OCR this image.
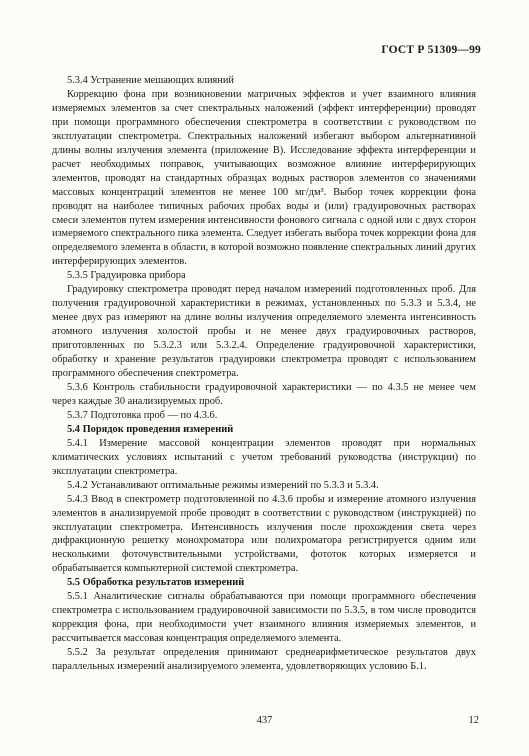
ГОСТ Р 51309—99

5.3.4 Устранение мешающих влияний

Коррекцию фона при возникновении матричных эффектов и учет взаимного влияния измеряемых элементов за счет спектральных наложений (эффект интерференции) проводят при помощи программного обеспечения спектрометра в соответствии с руководством по эксплуатации спектрометра. Спектральных наложений избегают выбором альтернативной длины волны излучения элемента (приложение В). Исследование эффекта интерференции и расчет необходимых поправок, учитывающих возможное влияние интерферирующих элементов, проводят на стандартных образцах водных растворов элементов со значениями массовых концентраций элементов не менее 100 мг/дм³. Выбор точек коррекции фона проводят на наиболее типичных рабочих пробах воды и (или) градуировочных растворах смеси элементов путем измерения интенсивности фонового сигнала с одной или с двух сторон измеряемого спектрального пика элемента. Следует избегать выбора точек коррекции фона для определяемого элемента в области, в которой возможно появление спектральных линий других интерферирующих элементов.

5.3.5 Градуировка прибора

Градуировку спектрометра проводят перед началом измерений подготовленных проб. Для получения градуировочной характеристики в режимах, установленных по 5.3.3 и 5.3.4, не менее двух раз измеряют на длине волны излучения определяемого элемента интенсивность атомного излучения холостой пробы и не менее двух градуировочных растворов, приготовленных по 5.3.2.3 или 5.3.2.4. Определение градуировочной характеристики, обработку и хранение результатов градуировки спектрометра проводят с использованием программного обеспечения спектрометра.

5.3.6 Контроль стабильности градуировочной характеристики — по 4.3.5 не менее чем через каждые 30 анализируемых проб.

5.3.7 Подготовка проб — по 4.3.6.

5.4 Порядок проведения измерений

5.4.1 Измерение массовой концентрации элементов проводят при нормальных климатических условиях испытаний с учетом требований руководства (инструкции) по эксплуатации спектрометра.

5.4.2 Устанавливают оптимальные режимы измерений по 5.3.3 и 5.3.4.

5.4.3 Ввод в спектрометр подготовленной по 4.3.6 пробы и измерение атомного излучения элементов в анализируемой пробе проводят в соответствии с руководством (инструкцией) по эксплуатации спектрометра. Интенсивность излучения после прохождения света через дифракционную решетку монохроматора или полихроматора регистрируется одним или несколькими фоточувствительными устройствами, фототок которых измеряется и обрабатывается компьютерной системой спектрометра.

5.5 Обработка результатов измерений

5.5.1 Аналитические сигналы обрабатываются при помощи программного обеспечения спектрометра с использованием градуировочной зависимости по 5.3.5, в том числе проводится коррекция фона, при необходимости учет взаимного влияния измеряемых элементов, и рассчитывается массовая концентрация определяемого элемента.

5.5.2 За результат определения принимают среднеарифметическое результатов двух параллельных измерений анализируемого элемента, удовлетворяющих условию Б.1.

437	12
